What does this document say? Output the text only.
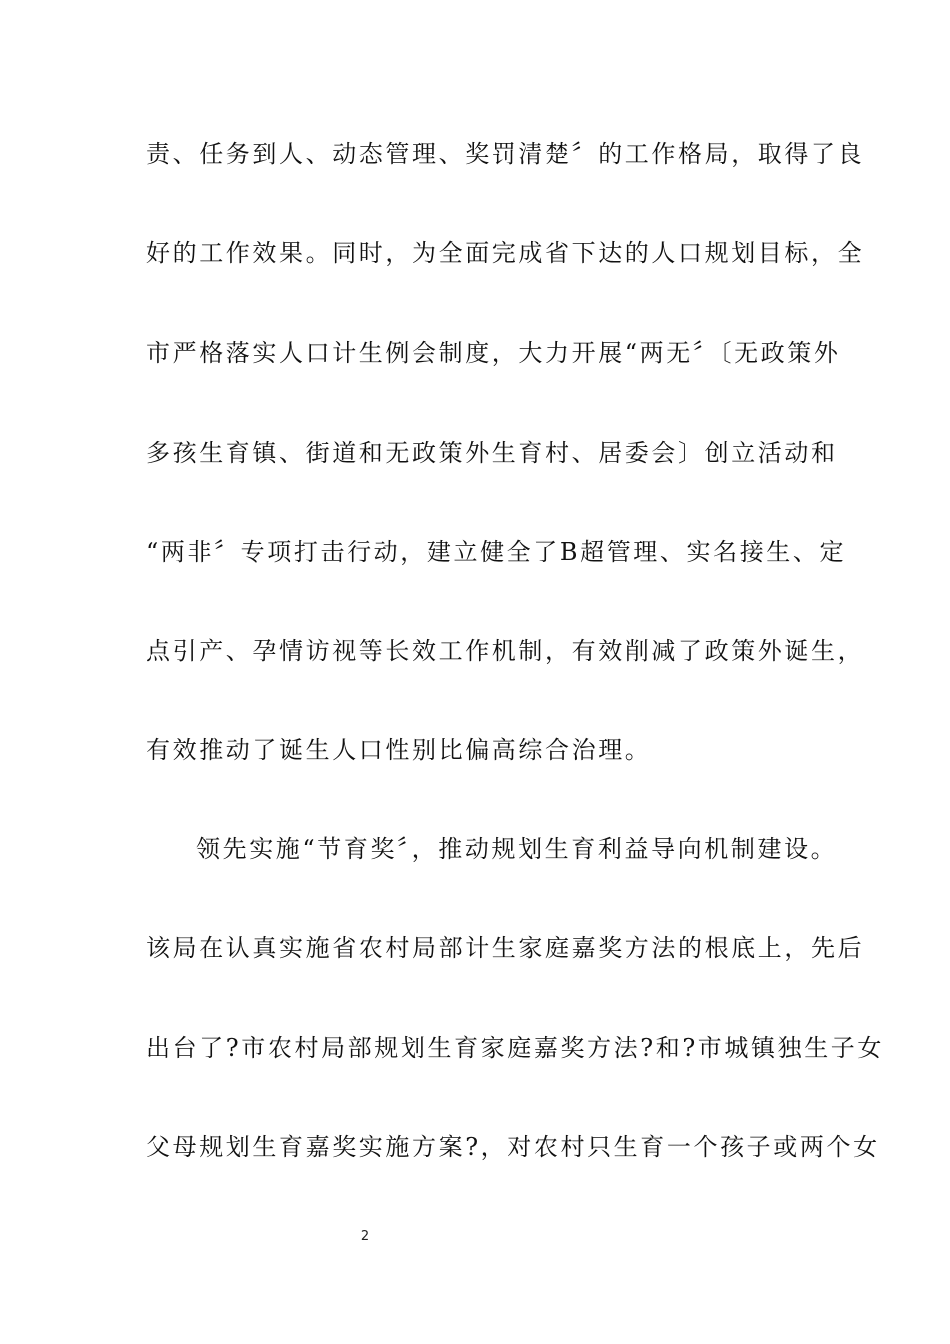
责、任务到人、动态管理、奖罚清楚〞的工作格局，取得了良
好的工作效果。同时，为全面完成省下达的人口规划目标，全
市严格落实人口计生例会制度，大力开展“两无〞〔无政策外
多孩生育镇、街道和无政策外生育村、居委会〕创立活动和
“两非〞专项打击行动，建立健全了B超管理、实名接生、定
点引产、孕情访视等长效工作机制，有效削减了政策外诞生，
有效推动了诞生人口性别比偏高综合治理。
领先实施“节育奖〞，推动规划生育利益导向机制建设。
该局在认真实施省农村局部计生家庭嘉奖方法的根底上，先后
出台了?市农村局部规划生育家庭嘉奖方法?和?市城镇独生子女
父母规划生育嘉奖实施方案?，对农村只生育一个孩子或两个女
2
